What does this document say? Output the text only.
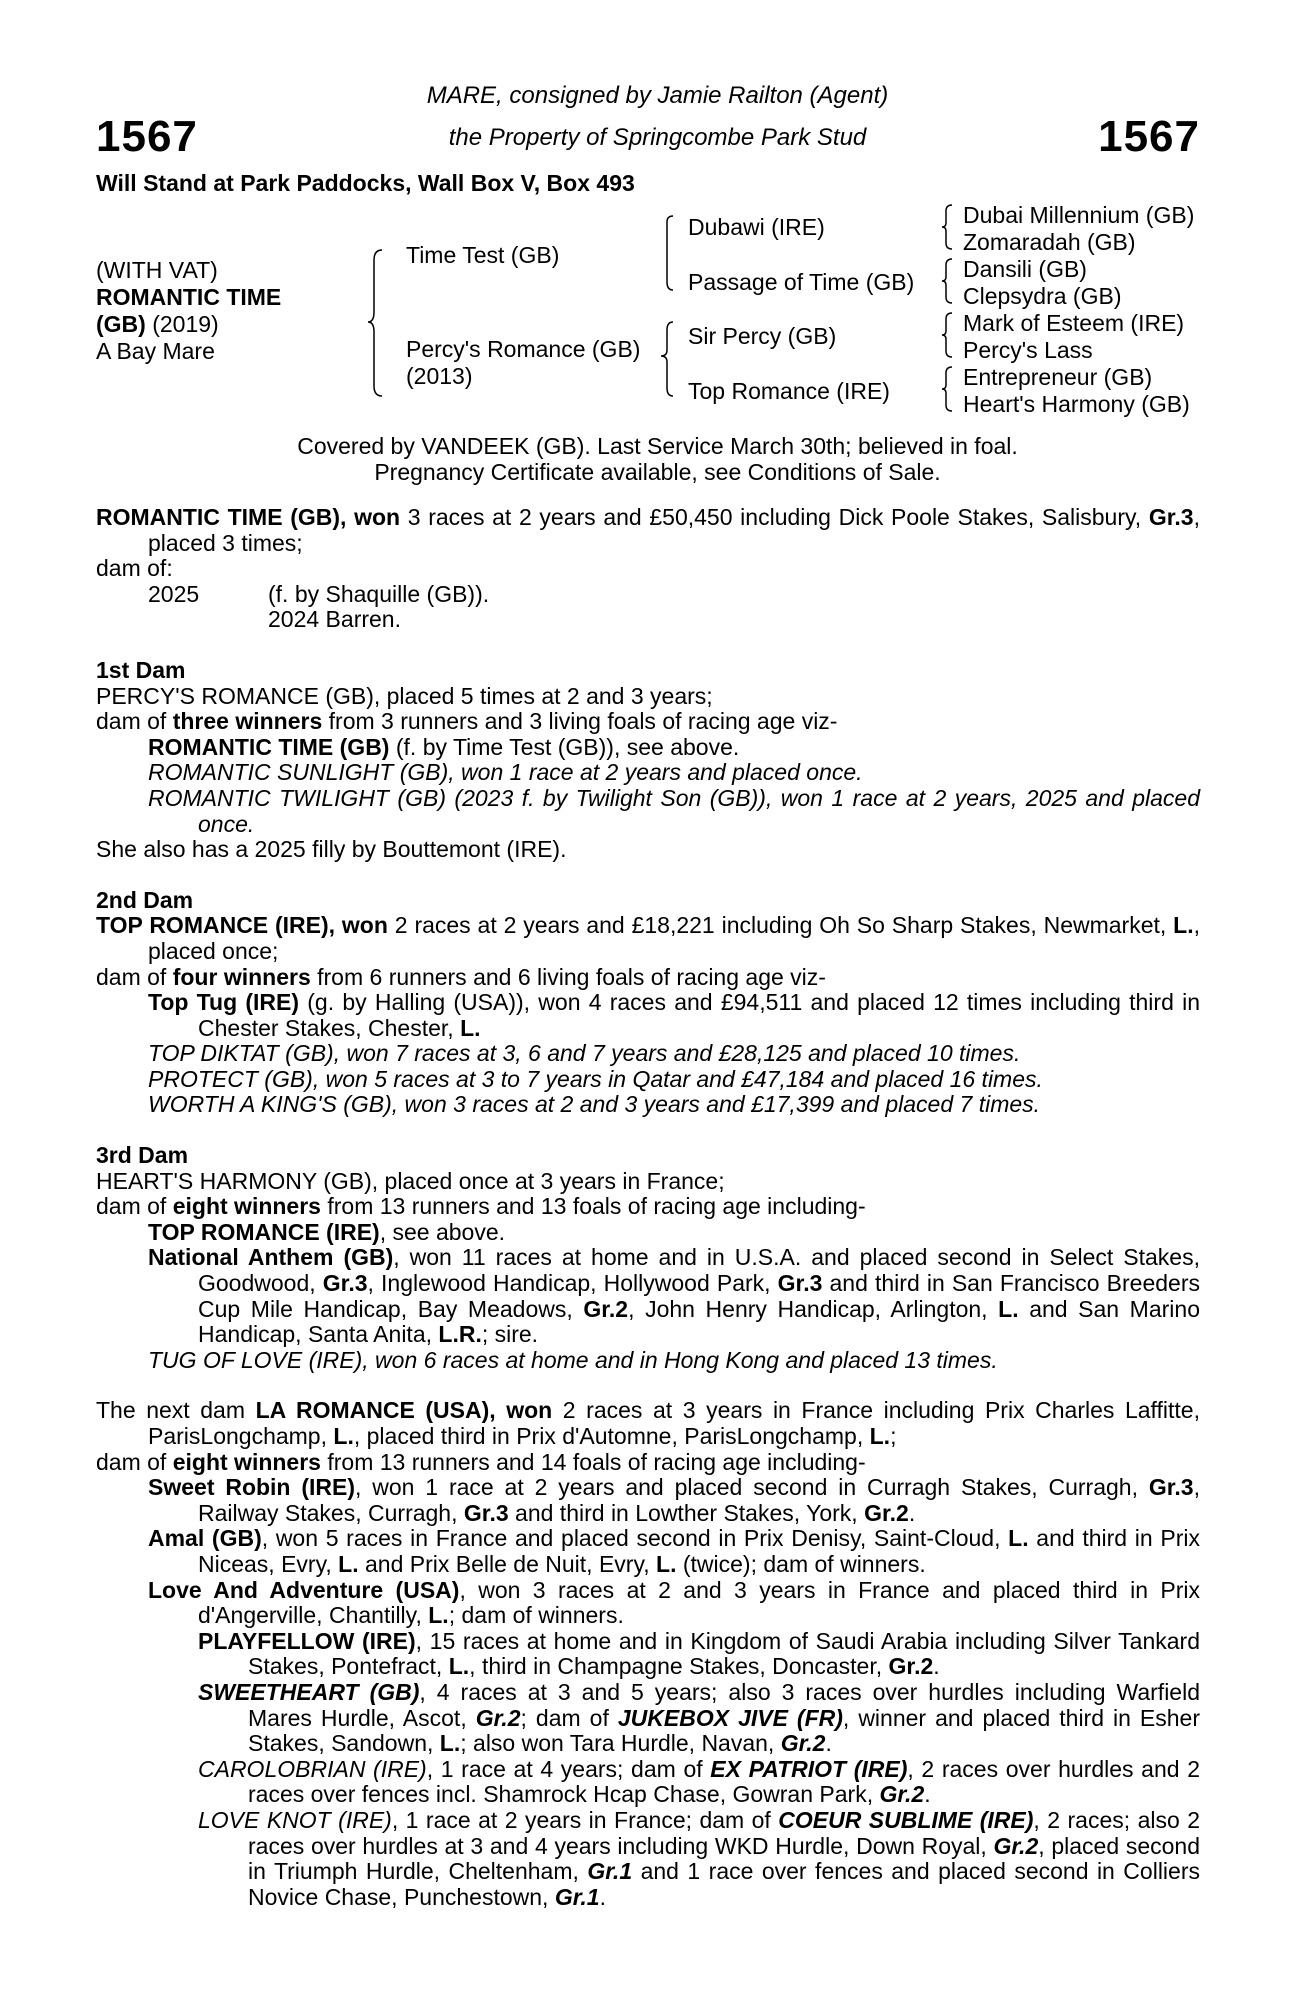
1567	1567
MARE, consigned by Jamie Railton (Agent)
the Property of Springcombe Park Stud
Will Stand at Park Paddocks, Wall Box V, Box 493
(WITH VAT)
ROMANTIC TIME
(GB) (2019)
A Bay Mare
Time Test (GB)
Percy's Romance (GB)
(2013)
Dubawi (IRE)
Passage of Time (GB)
Sir Percy (GB)
Top Romance (IRE)
Dubai Millennium (GB)
Zomaradah (GB)
Dansili (GB)
Clepsydra (GB)
Mark of Esteem (IRE)
Percy's Lass
Entrepreneur (GB)
Heart's Harmony (GB)
Covered by VANDEEK (GB). Last Service March 30th; believed in foal.
Pregnancy Certificate available, see Conditions of Sale.

ROMANTIC TIME (GB), won 3 races at 2 years and £50,450 including Dick Poole Stakes, Salisbury, Gr.3, placed 3 times;

dam of:

2025	(f. by Shaquille (GB)).

2024 Barren.

1st Dam

PERCY'S ROMANCE (GB), placed 5 times at 2 and 3 years;

dam of three winners from 3 runners and 3 living foals of racing age viz-

ROMANTIC TIME (GB) (f. by Time Test (GB)), see above.

ROMANTIC SUNLIGHT (GB), won 1 race at 2 years and placed once.

ROMANTIC TWILIGHT (GB) (2023 f. by Twilight Son (GB)), won 1 race at 2 years, 2025 and placed once.

She also has a 2025 filly by Bouttemont (IRE).

2nd Dam

TOP ROMANCE (IRE), won 2 races at 2 years and £18,221 including Oh So Sharp Stakes, Newmarket, L., placed once;

dam of four winners from 6 runners and 6 living foals of racing age viz-

Top Tug (IRE) (g. by Halling (USA)), won 4 races and £94,511 and placed 12 times including third in Chester Stakes, Chester, L.

TOP DIKTAT (GB), won 7 races at 3, 6 and 7 years and £28,125 and placed 10 times.

PROTECT (GB), won 5 races at 3 to 7 years in Qatar and £47,184 and placed 16 times.

WORTH A KING'S (GB), won 3 races at 2 and 3 years and £17,399 and placed 7 times.

3rd Dam

HEART'S HARMONY (GB), placed once at 3 years in France;

dam of eight winners from 13 runners and 13 foals of racing age including-

TOP ROMANCE (IRE), see above.

National Anthem (GB), won 11 races at home and in U.S.A. and placed second in Select Stakes, Goodwood, Gr.3, Inglewood Handicap, Hollywood Park, Gr.3 and third in San Francisco Breeders Cup Mile Handicap, Bay Meadows, Gr.2, John Henry Handicap, Arlington, L. and San Marino Handicap, Santa Anita, L.R.; sire.

TUG OF LOVE (IRE), won 6 races at home and in Hong Kong and placed 13 times.

The next dam LA ROMANCE (USA), won 2 races at 3 years in France including Prix Charles Laffitte, ParisLongchamp, L., placed third in Prix d'Automne, ParisLongchamp, L.;

dam of eight winners from 13 runners and 14 foals of racing age including-

Sweet Robin (IRE), won 1 race at 2 years and placed second in Curragh Stakes, Curragh, Gr.3, Railway Stakes, Curragh, Gr.3 and third in Lowther Stakes, York, Gr.2.

Amal (GB), won 5 races in France and placed second in Prix Denisy, Saint-Cloud, L. and third in Prix Niceas, Evry, L. and Prix Belle de Nuit, Evry, L. (twice); dam of winners.

Love And Adventure (USA), won 3 races at 2 and 3 years in France and placed third in Prix d'Angerville, Chantilly, L.; dam of winners.

PLAYFELLOW (IRE), 15 races at home and in Kingdom of Saudi Arabia including Silver Tankard Stakes, Pontefract, L., third in Champagne Stakes, Doncaster, Gr.2.

SWEETHEART (GB), 4 races at 3 and 5 years; also 3 races over hurdles including Warfield Mares Hurdle, Ascot, Gr.2; dam of JUKEBOX JIVE (FR), winner and placed third in Esher Stakes, Sandown, L.; also won Tara Hurdle, Navan, Gr.2.

CAROLOBRIAN (IRE), 1 race at 4 years; dam of EX PATRIOT (IRE), 2 races over hurdles and 2 races over fences incl. Shamrock Hcap Chase, Gowran Park, Gr.2.

LOVE KNOT (IRE), 1 race at 2 years in France; dam of COEUR SUBLIME (IRE), 2 races; also 2 races over hurdles at 3 and 4 years including WKD Hurdle, Down Royal, Gr.2, placed second in Triumph Hurdle, Cheltenham, Gr.1 and 1 race over fences and placed second in Colliers Novice Chase, Punchestown, Gr.1.
